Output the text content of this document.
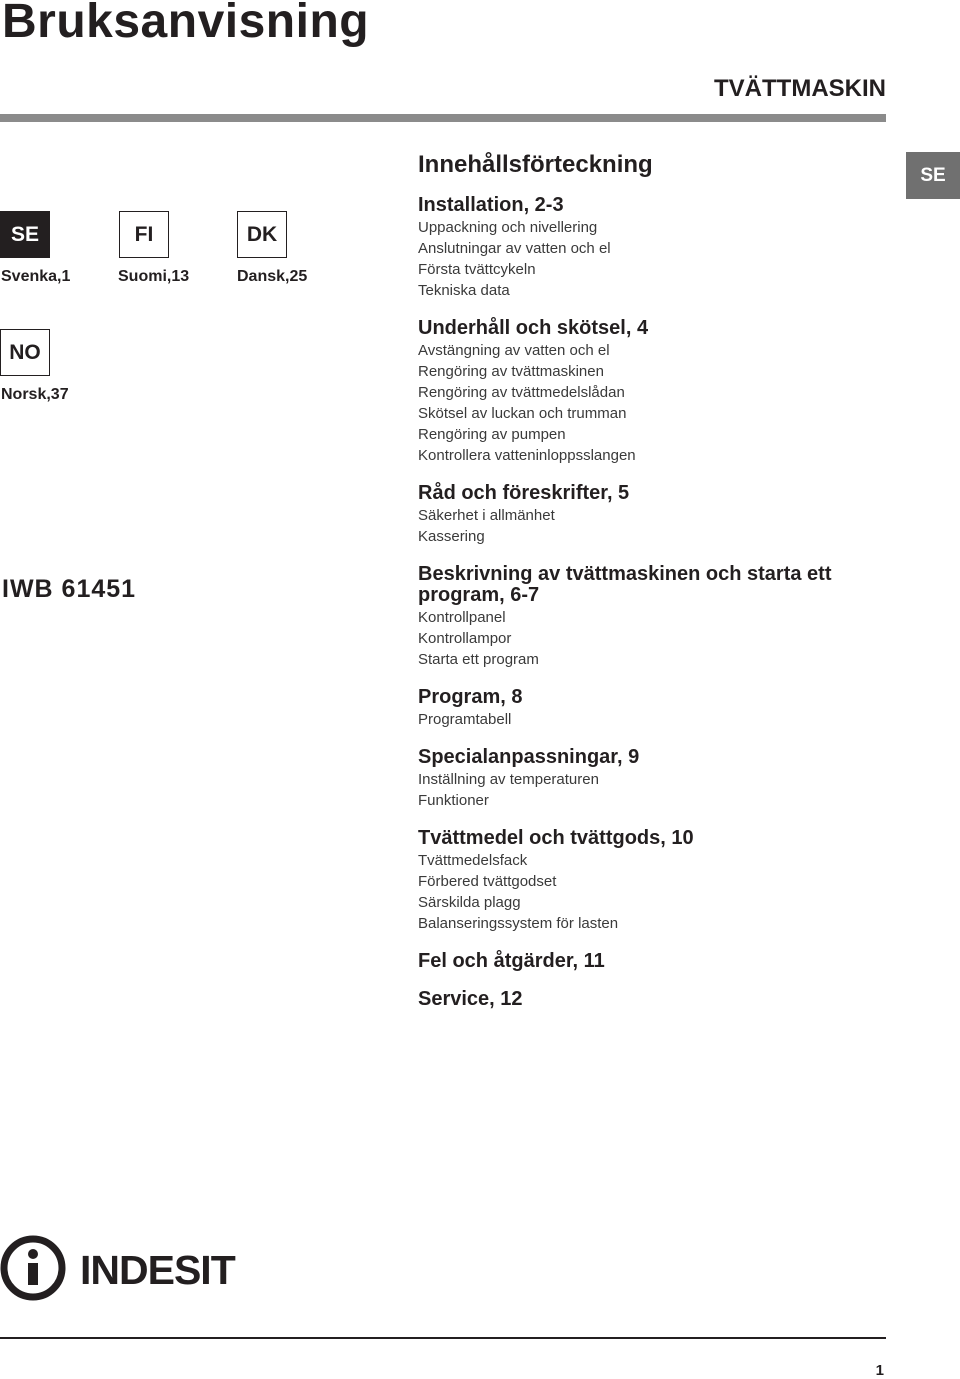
Bruksanvisning
TVÄTTMASKIN
SE
SE
Svenka,1
FI
Suomi,13
DK
Dansk,25
NO
Norsk,37
IWB 61451
Innehållsförteckning
Installation, 2-3
Uppackning och nivellering
Anslutningar av vatten och el
Första tvättcykeln
Tekniska data
Underhåll och skötsel, 4
Avstängning av vatten och el
Rengöring av tvättmaskinen
Rengöring av tvättmedelslådan
Skötsel av luckan och trumman
Rengöring av pumpen
Kontrollera vatteninloppsslangen
Råd och föreskrifter, 5
Säkerhet i allmänhet
Kassering
Beskrivning av tvättmaskinen och starta ett program, 6-7
Kontrollpanel
Kontrollampor
Starta ett program
Program, 8
Programtabell
Specialanpassningar, 9
Inställning av temperaturen
Funktioner
Tvättmedel och tvättgods, 10
Tvättmedelsfack
Förbered tvättgodset
Särskilda plagg
Balanseringssystem för lasten
Fel och åtgärder, 11
Service, 12
INDESIT
1
